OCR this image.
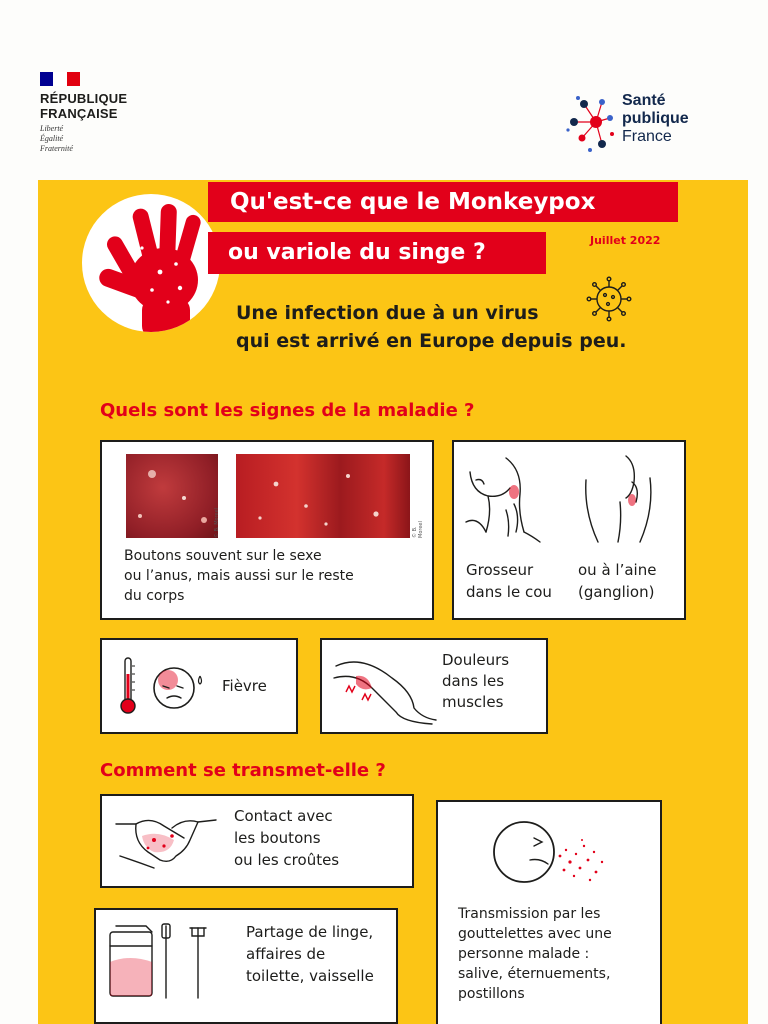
RÉPUBLIQUE
FRANÇAISE
Liberté
Égalité
Fraternité
Santé
publique
France
Qu'est-ce que le Monkeypox
ou variole du singe ?	Juillet 2022
Une infection due à un virus
qui est arrivé en Europe depuis peu.
Quels sont les signes de la maladie ?
© B. Moreel	© B. Moreel
Boutons souvent sur le sexe
ou l’anus, mais aussi sur le reste
du corps
Grosseur
dans le cou
ou à l’aine
(ganglion)
Fièvre
Douleurs
dans les
muscles
Comment se transmet-elle ?
Contact avec
les boutons
ou les croûtes
Transmission par les
gouttelettes avec une
personne malade :
salive, éternuements,
postillons
Partage de linge,
affaires de
toilette, vaisselle
